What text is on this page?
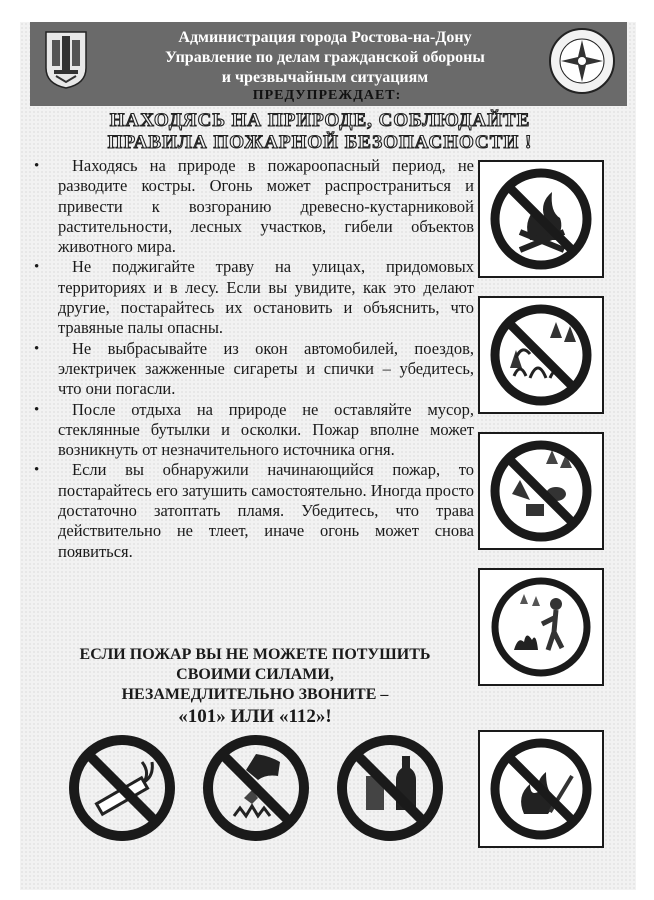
Администрация города Ростова-на-Дону
Управление по делам гражданской обороны
и чрезвычайным ситуациям
ПРЕДУПРЕЖДАЕТ:
НАХОДЯСЬ НА ПРИРОДЕ, СОБЛЮДАЙТЕ
ПРАВИЛА ПОЖАРНОЙ БЕЗОПАСНОСТИ !

• Находясь на природе в пожароопасный период, не разводите костры. Огонь может распространиться и привести к возгоранию древесно-кустарниковой растительности, лесных участков, гибели объектов животного мира.

• Не поджигайте траву на улицах, придомовых территориях и в лесу. Если вы увидите, как это делают другие, постарайтесь их остановить и объяснить, что травяные палы опасны.

• Не выбрасывайте из окон автомобилей, поездов, электричек зажженные сигареты и спички – убедитесь, что они погасли.

• После отдыха на природе не оставляйте мусор, стеклянные бутылки и осколки. Пожар вполне может возникнуть от незначительного источника огня.

• Если вы обнаружили начинающийся пожар, то постарайтесь его затушить самостоятельно. Иногда просто достаточно затоптать пламя. Убедитесь, что трава действительно не тлеет, иначе огонь может снова появиться.

ЕСЛИ ПОЖАР ВЫ НЕ МОЖЕТЕ ПОТУШИТЬ
СВОИМИ СИЛАМИ,
НЕЗАМЕДЛИТЕЛЬНО ЗВОНИТЕ –
«101» ИЛИ «112»!
